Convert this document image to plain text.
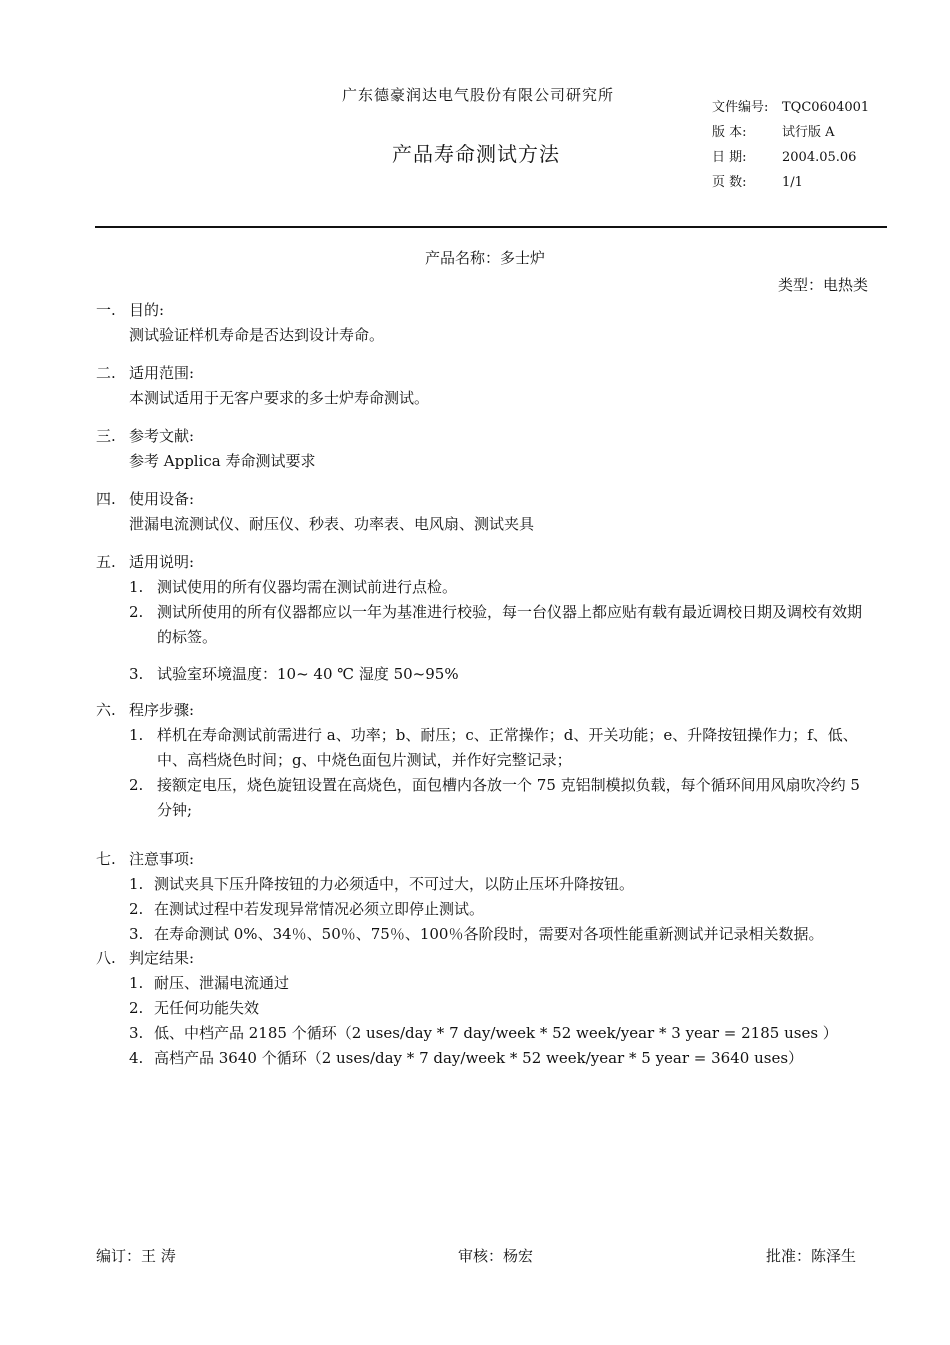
广东德豪润达电气股份有限公司研究所
产品寿命测试方法
文件编号: TQC0604001
版 本:	试行版 A
日 期:	2004.05.06
页 数:	1/1
产品名称：多士炉
类型：电热类
一. 目的:
测试验证样机寿命是否达到设计寿命。
二. 适用范围:
本测试适用于无客户要求的多士炉寿命测试。
三. 参考文献:
参考 Applica 寿命测试要求
四. 使用设备:
泄漏电流测试仪、耐压仪、秒表、功率表、电风扇、测试夹具
五. 适用说明:
1. 测试使用的所有仪器均需在测试前进行点检。
2. 测试所使用的所有仪器都应以一年为基准进行校验，每一台仪器上都应贴有载有最近调校日期及调校有效期的标签。
3. 试验室环境温度：10~ 40 ℃ 湿度 50~95%
六. 程序步骤:
1. 样机在寿命测试前需进行 a、功率；b、耐压；c、正常操作；d、开关功能；e、升降按钮操作力；f、低、中、高档烧色时间；g、中烧色面包片测试，并作好完整记录；
2. 接额定电压，烧色旋钮设置在高烧色，面包槽内各放一个 75 克铝制模拟负载，每个循环间用风扇吹冷约 5 分钟;
七. 注意事项:
1. 测试夹具下压升降按钮的力必须适中，不可过大，以防止压坏升降按钮。
2. 在测试过程中若发现异常情况必须立即停止测试。
3. 在寿命测试 0%、34％、50％、75％、100％各阶段时，需要对各项性能重新测试并记录相关数据。
八. 判定结果:
1. 耐压、泄漏电流通过
2. 无任何功能失效
3. 低、中档产品 2185 个循环（2 uses/day * 7 day/week * 52 week/year * 3 year = 2185 uses ）
4. 高档产品 3640 个循环（2 uses/day * 7 day/week * 52 week/year * 5 year = 3640 uses）
编订：王 涛	审核：杨宏	批准：陈泽生
